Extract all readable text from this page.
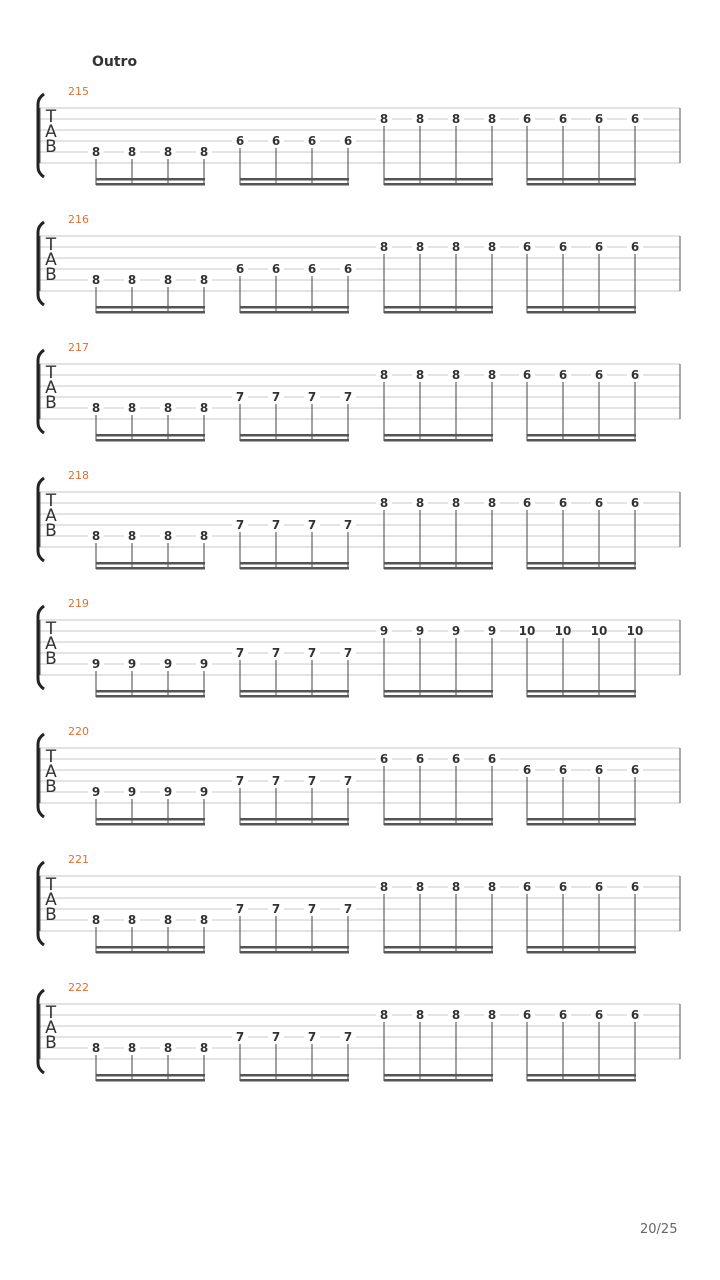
Outro
215
T
A
B	8 8 8 8
6 6 6 6
8 8 8 8 6 6 6 6
216
T
A
B	8 8 8 8
6 6 6 6
8 8 8 8 6 6 6 6
217
T
A
B	8 8 8 8
7 7 7 7
8 8 8 8 6 6 6 6
218
T
A
B	8 8 8 8
7 7 7 7
8 8 8 8 6 6 6 6
219
T
A
B	9 9 9 9
7 7 7 7
9 9 9 9 10 10 10 10
220
T
A
B	9 9 9 9
7 7 7 7
6 6 6 6
6 6 6 6
221
T
A
B	8 8 8 8
7 7 7 7
8 8 8 8 6 6 6 6
222
T
A
B	8 8 8 8
7 7 7 7
8 8 8 8 6 6 6 6
20/25
